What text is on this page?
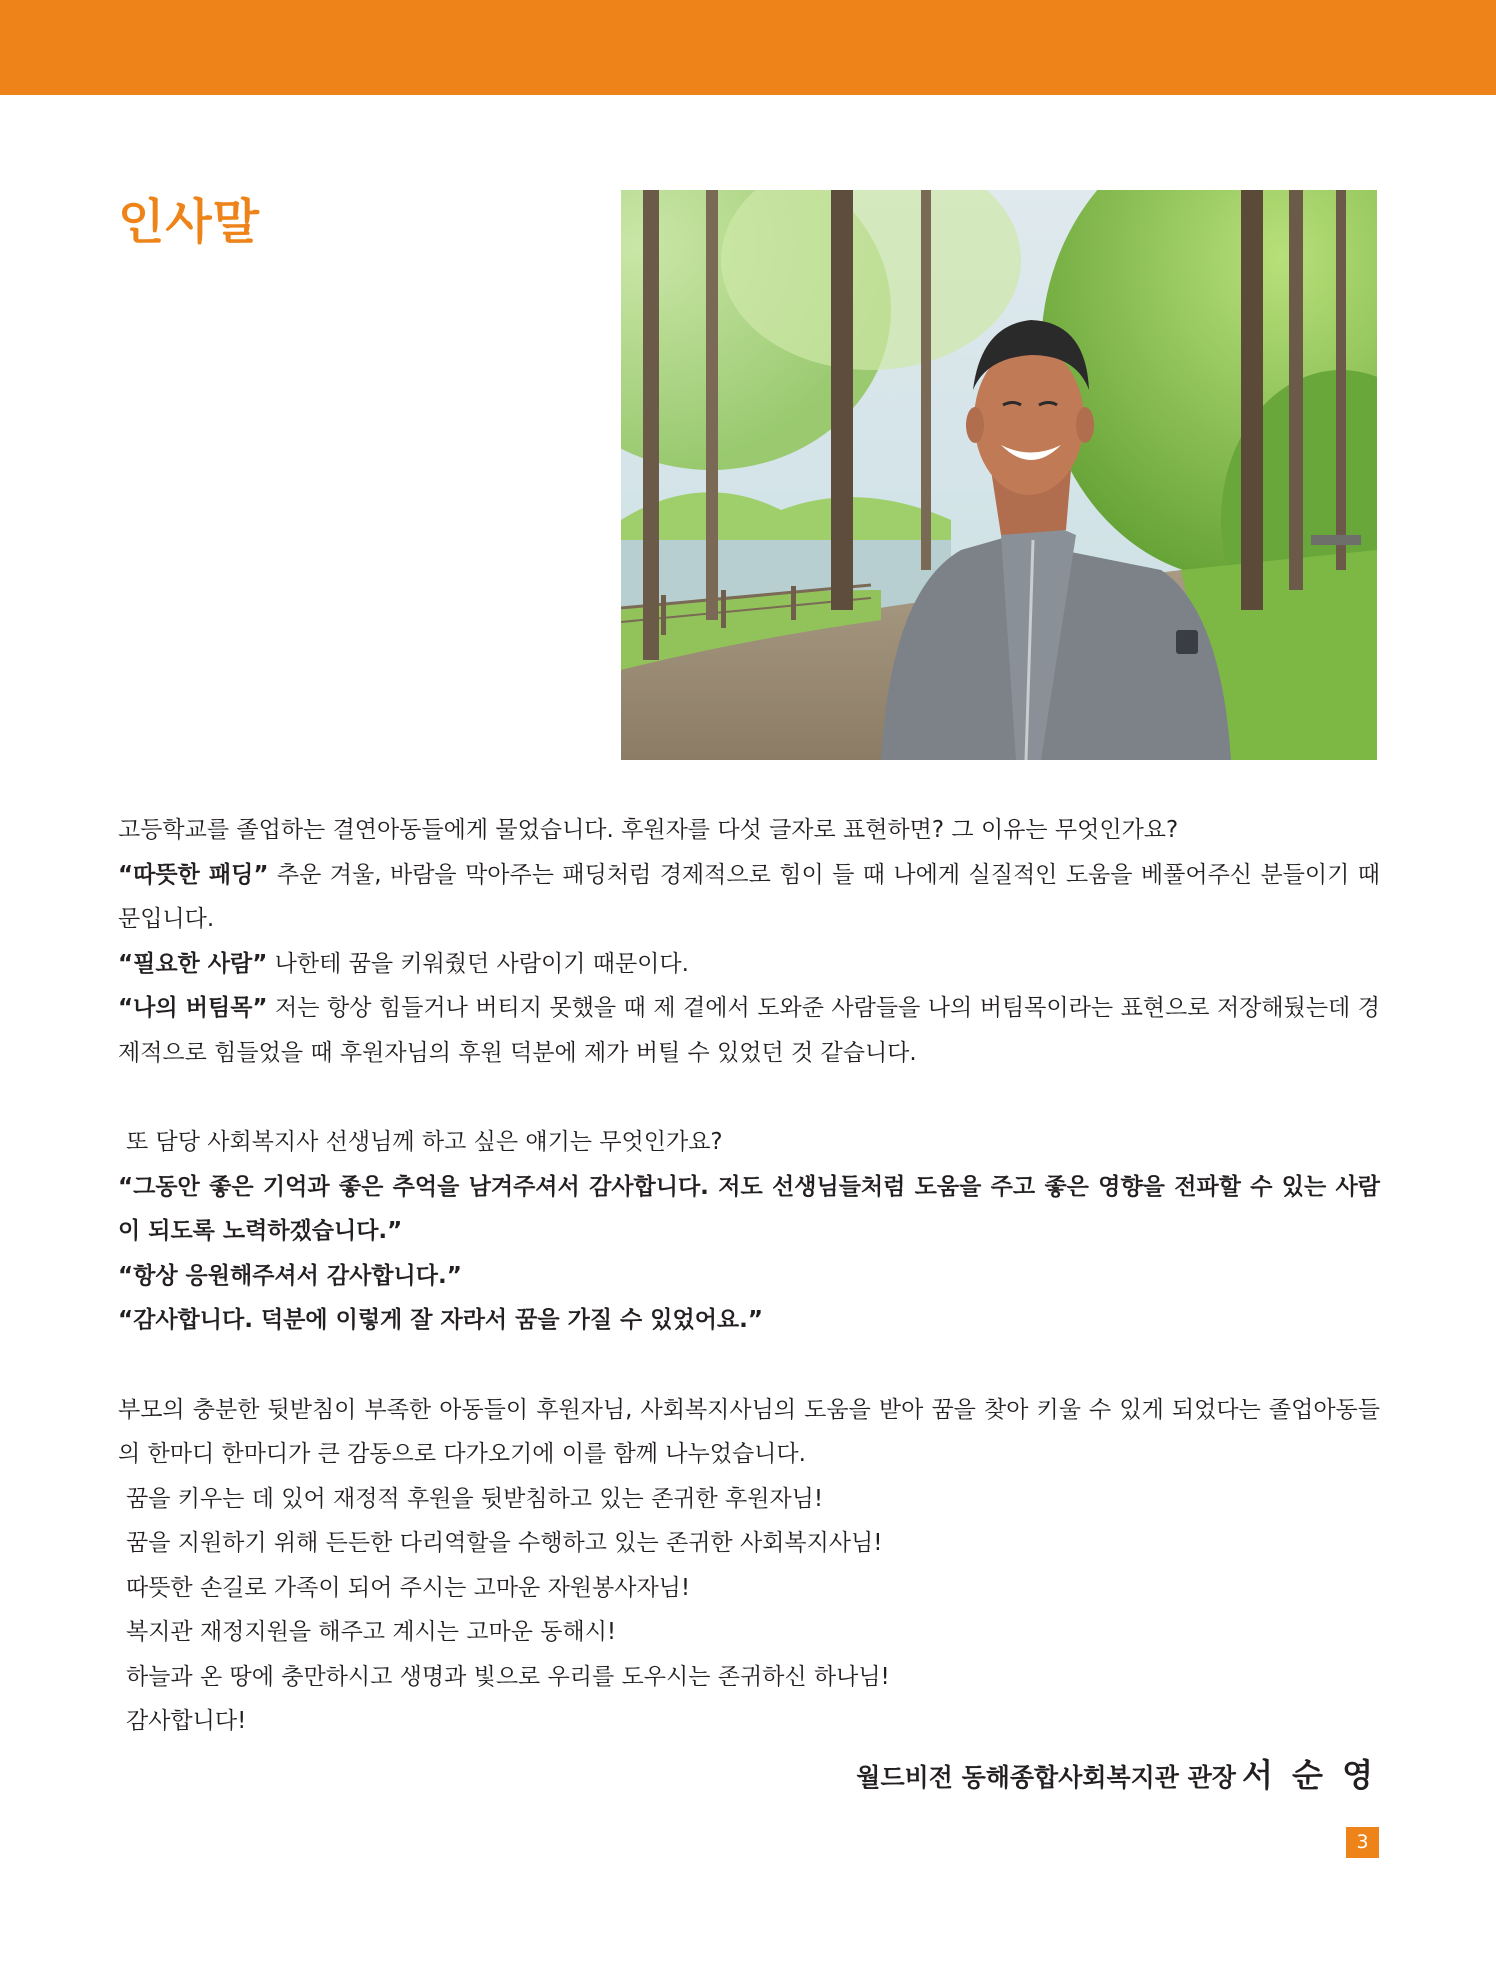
인사말

고등학교를 졸업하는 결연아동들에게 물었습니다. 후원자를 다섯 글자로 표현하면? 그 이유는 무엇인가요?

“따뜻한 패딩” 추운 겨울, 바람을 막아주는 패딩처럼 경제적으로 힘이 들 때 나에게 실질적인 도움을 베풀어주신 분들이기 때문입니다.

“필요한 사람” 나한테 꿈을 키워줬던 사람이기 때문이다.

“나의 버팀목” 저는 항상 힘들거나 버티지 못했을 때 제 곁에서 도와준 사람들을 나의 버팀목이라는 표현으로 저장해뒀는데 경제적으로 힘들었을 때 후원자님의 후원 덕분에 제가 버틸 수 있었던 것 같습니다.

또 담당 사회복지사 선생님께 하고 싶은 얘기는 무엇인가요?

“그동안 좋은 기억과 좋은 추억을 남겨주셔서 감사합니다. 저도 선생님들처럼 도움을 주고 좋은 영향을 전파할 수 있는 사람이 되도록 노력하겠습니다.”

“항상 응원해주셔서 감사합니다.”

“감사합니다. 덕분에 이렇게 잘 자라서 꿈을 가질 수 있었어요.”

부모의 충분한 뒷받침이 부족한 아동들이 후원자님, 사회복지사님의 도움을 받아 꿈을 찾아 키울 수 있게 되었다는 졸업아동들의 한마디 한마디가 큰 감동으로 다가오기에 이를 함께 나누었습니다.

꿈을 키우는 데 있어 재정적 후원을 뒷받침하고 있는 존귀한 후원자님!

꿈을 지원하기 위해 든든한 다리역할을 수행하고 있는 존귀한 사회복지사님!

따뜻한 손길로 가족이 되어 주시는 고마운 자원봉사자님!

복지관 재정지원을 해주고 계시는 고마운 동해시!

하늘과 온 땅에 충만하시고 생명과 빛으로 우리를 도우시는 존귀하신 하나님!

감사합니다!

월드비전 동해종합사회복지관 관장 서 순 영
3
